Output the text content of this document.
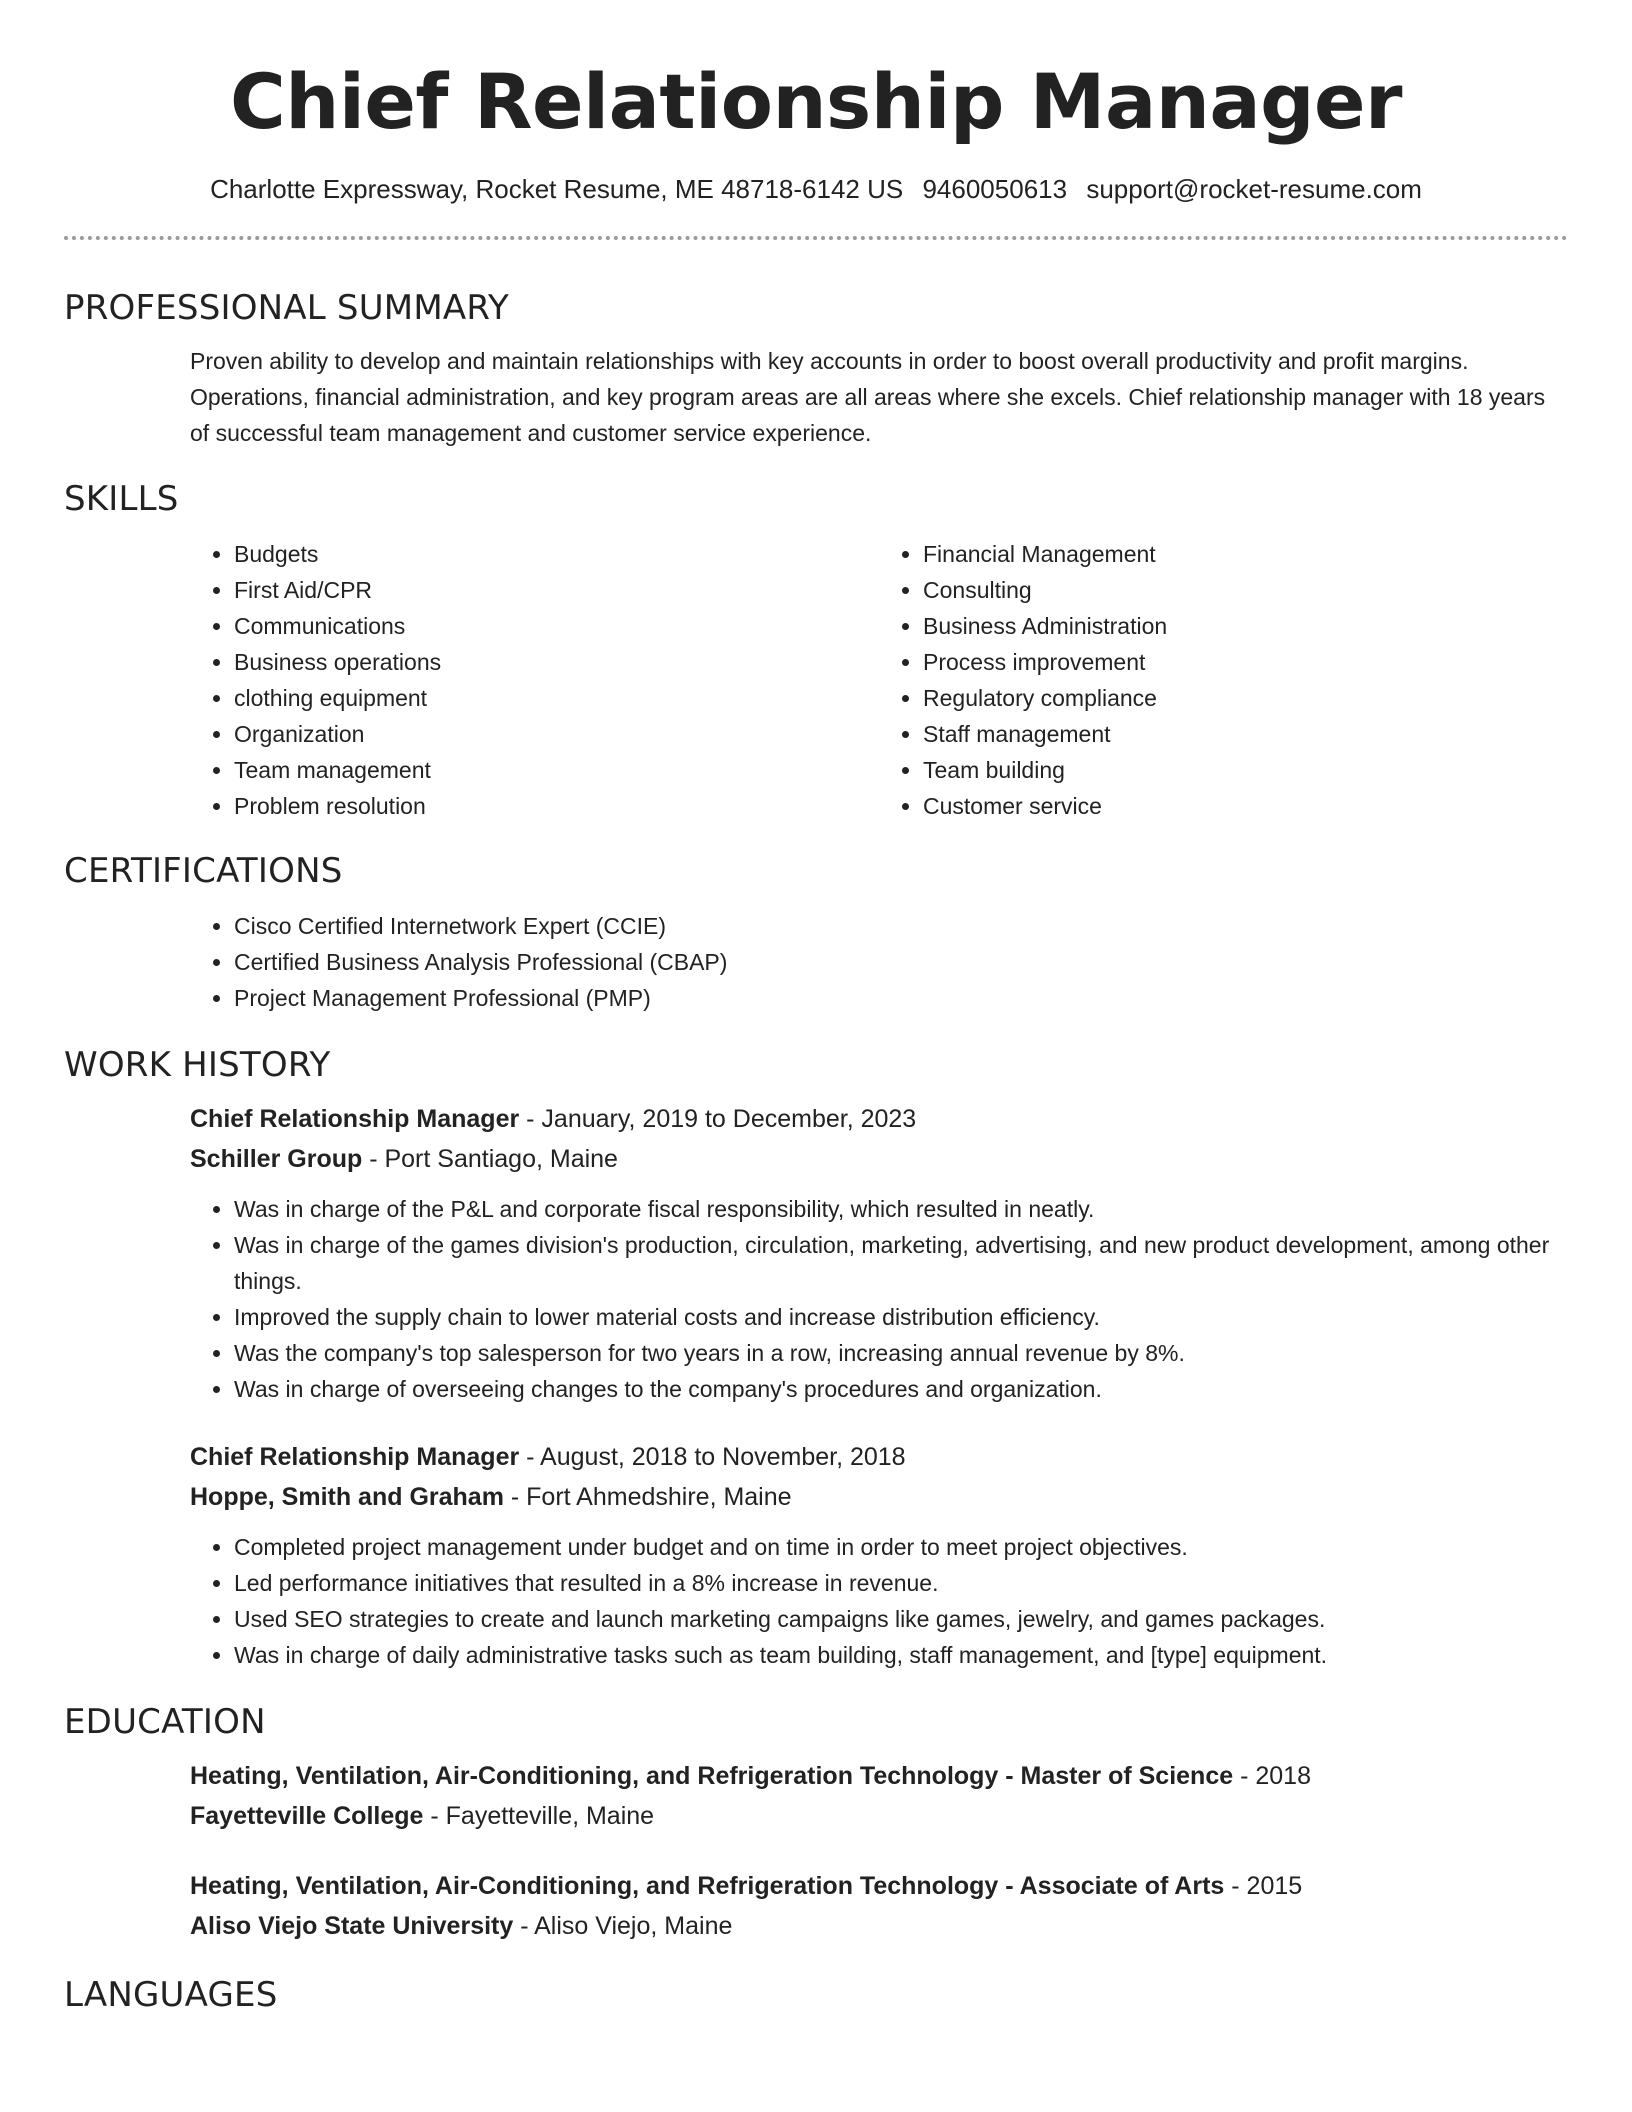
Chief Relationship Manager
Charlotte Expressway, Rocket Resume, ME 48718-6142 US 9460050613 support@rocket-resume.com
PROFESSIONAL SUMMARY
Proven ability to develop and maintain relationships with key accounts in order to boost overall productivity and profit margins. Operations, financial administration, and key program areas are all areas where she excels. Chief relationship manager with 18 years of successful team management and customer service experience.
SKILLS
• Budgets
• First Aid/CPR
• Communications
• Business operations
• clothing equipment
• Organization
• Team management
• Problem resolution
• Financial Management
• Consulting
• Business Administration
• Process improvement
• Regulatory compliance
• Staff management
• Team building
• Customer service
CERTIFICATIONS
• Cisco Certified Internetwork Expert (CCIE)
• Certified Business Analysis Professional (CBAP)
• Project Management Professional (PMP)
WORK HISTORY
Chief Relationship Manager - January, 2019 to December, 2023
Schiller Group - Port Santiago, Maine
• Was in charge of the P&L and corporate fiscal responsibility, which resulted in neatly.
• Was in charge of the games division's production, circulation, marketing, advertising, and new product development, among other things.
• Improved the supply chain to lower material costs and increase distribution efficiency.
• Was the company's top salesperson for two years in a row, increasing annual revenue by 8%.
• Was in charge of overseeing changes to the company's procedures and organization.
Chief Relationship Manager - August, 2018 to November, 2018
Hoppe, Smith and Graham - Fort Ahmedshire, Maine
• Completed project management under budget and on time in order to meet project objectives.
• Led performance initiatives that resulted in a 8% increase in revenue.
• Used SEO strategies to create and launch marketing campaigns like games, jewelry, and games packages.
• Was in charge of daily administrative tasks such as team building, staff management, and [type] equipment.
EDUCATION
Heating, Ventilation, Air-Conditioning, and Refrigeration Technology - Master of Science - 2018
Fayetteville College - Fayetteville, Maine
Heating, Ventilation, Air-Conditioning, and Refrigeration Technology - Associate of Arts - 2015
Aliso Viejo State University - Aliso Viejo, Maine
LANGUAGES
